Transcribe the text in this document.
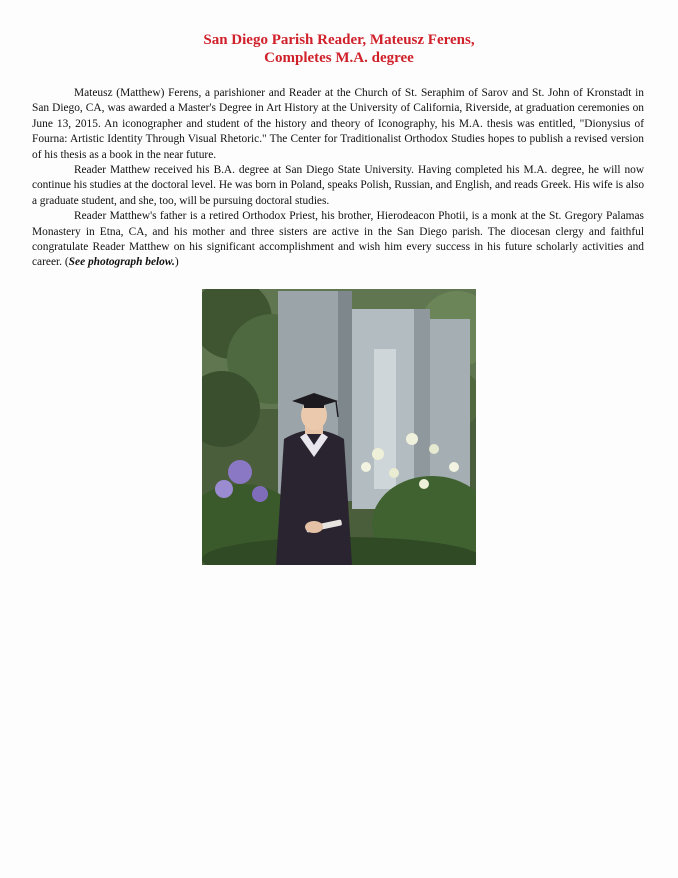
San Diego Parish Reader, Mateusz Ferens,
Completes M.A. degree

Mateusz (Matthew) Ferens, a parishioner and Reader at the Church of St. Seraphim of Sarov and St. John of Kronstadt in San Diego, CA, was awarded a Master's Degree in Art History at the University of California, Riverside, at graduation ceremonies on June 13, 2015. An iconographer and student of the history and theory of Iconography, his M.A. thesis was entitled, "Dionysius of Fourna: Artistic Identity Through Visual Rhetoric." The Center for Traditionalist Orthodox Studies hopes to publish a revised version of his thesis as a book in the near future.

Reader Matthew received his B.A. degree at San Diego State University. Having completed his M.A. degree, he will now continue his studies at the doctoral level. He was born in Poland, speaks Polish, Russian, and English, and reads Greek. His wife is also a graduate student, and she, too, will be pursuing doctoral studies.

Reader Matthew's father is a retired Orthodox Priest, his brother, Hierodeacon Photii, is a monk at the St. Gregory Palamas Monastery in Etna, CA, and his mother and three sisters are active in the San Diego parish. The diocesan clergy and faithful congratulate Reader Matthew on his significant accomplishment and wish him every success in his future scholarly activities and career. (See photograph below.)
